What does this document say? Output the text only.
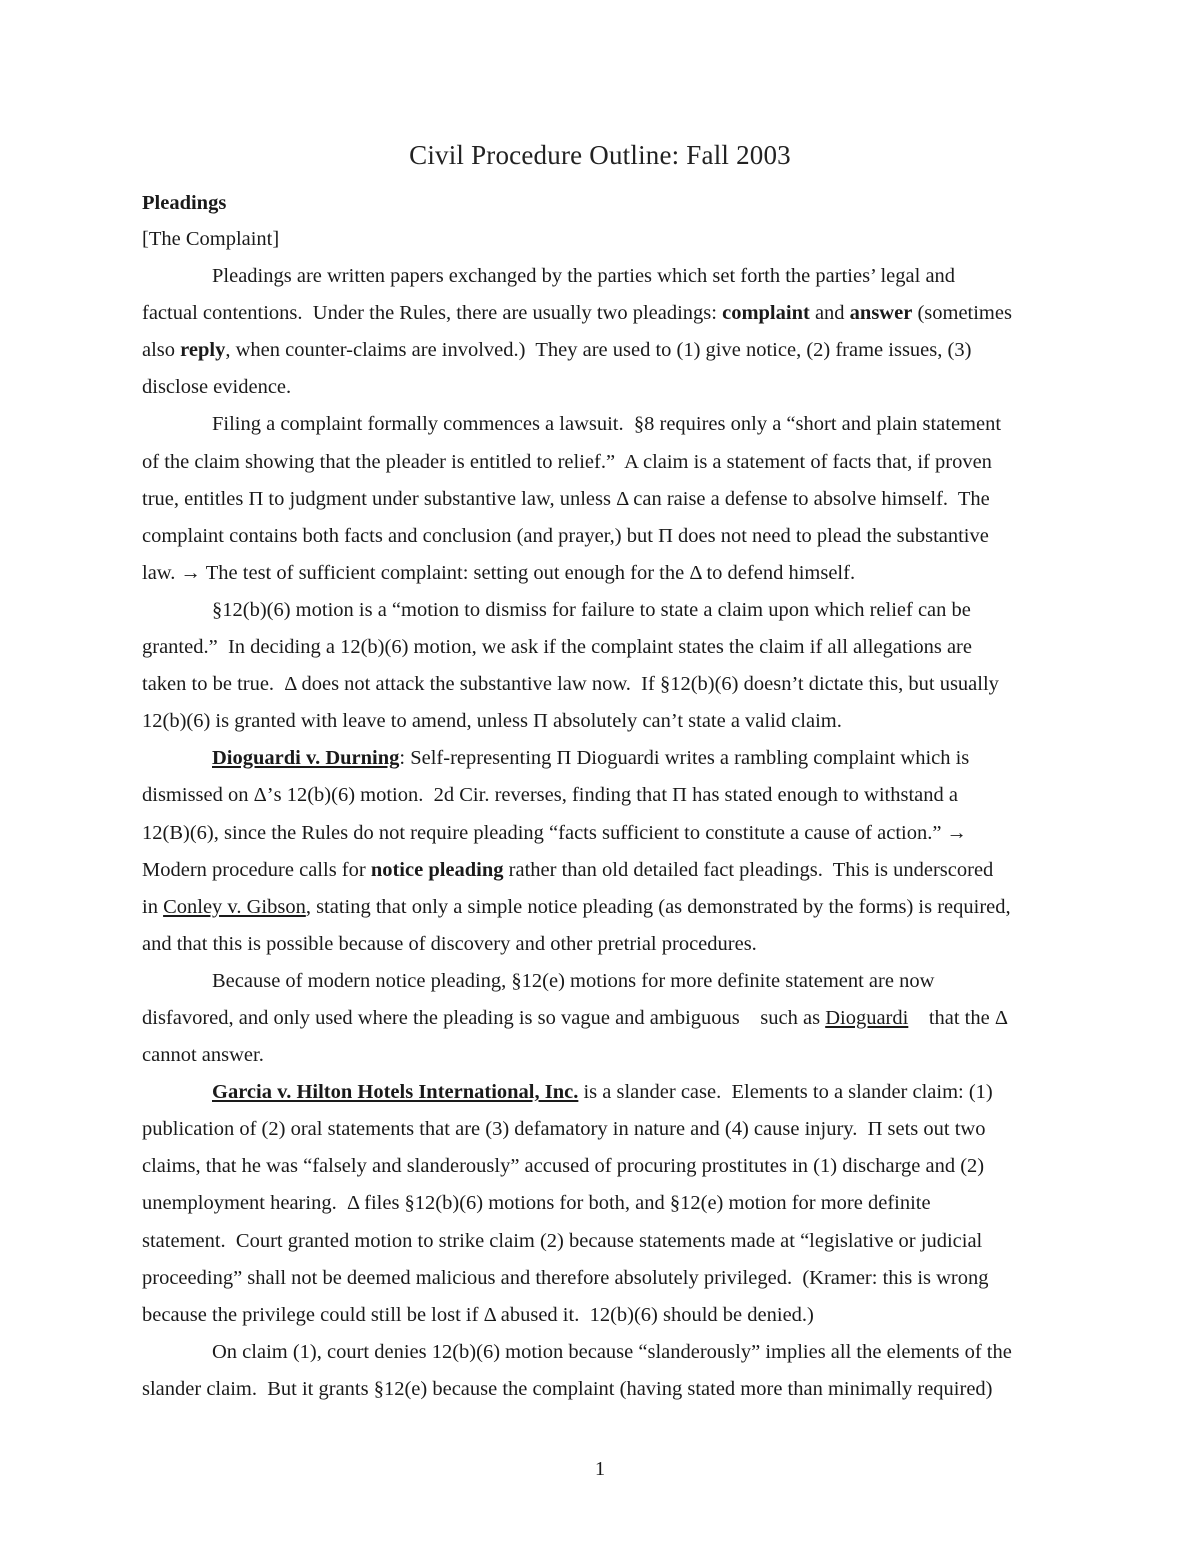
Civil Procedure Outline: Fall 2003
Pleadings
[The Complaint]
Pleadings are written papers exchanged by the parties which set forth the parties’ legal and
factual contentions.  Under the Rules, there are usually two pleadings: complaint and answer (sometimes
also reply, when counter-claims are involved.)  They are used to (1) give notice, (2) frame issues, (3)
disclose evidence.
Filing a complaint formally commences a lawsuit.  §8 requires only a “short and plain statement
of the claim showing that the pleader is entitled to relief.”  A claim is a statement of facts that, if proven
true, entitles Π to judgment under substantive law, unless Δ can raise a defense to absolve himself.  The
complaint contains both facts and conclusion (and prayer,) but Π does not need to plead the substantive
law. → The test of sufficient complaint: setting out enough for the Δ to defend himself.
§12(b)(6) motion is a “motion to dismiss for failure to state a claim upon which relief can be
granted.”  In deciding a 12(b)(6) motion, we ask if the complaint states the claim if all allegations are
taken to be true.  Δ does not attack the substantive law now.  If §12(b)(6) doesn’t dictate this, but usually
12(b)(6) is granted with leave to amend, unless Π absolutely can’t state a valid claim.
Dioguardi v. Durning: Self-representing Π Dioguardi writes a rambling complaint which is
dismissed on Δ’s 12(b)(6) motion.  2d Cir. reverses, finding that Π has stated enough to withstand a
12(B)(6), since the Rules do not require pleading “facts sufficient to constitute a cause of action.” →
Modern procedure calls for notice pleading rather than old detailed fact pleadings.  This is underscored
in Conley v. Gibson, stating that only a simple notice pleading (as demonstrated by the forms) is required,
and that this is possible because of discovery and other pretrial procedures.
Because of modern notice pleading, §12(e) motions for more definite statement are now
disfavored, and only used where the pleading is so vague and ambiguous    such as Dioguardi    that the Δ
cannot answer.
Garcia v. Hilton Hotels International, Inc. is a slander case.  Elements to a slander claim: (1)
publication of (2) oral statements that are (3) defamatory in nature and (4) cause injury.  Π sets out two
claims, that he was “falsely and slanderously” accused of procuring prostitutes in (1) discharge and (2)
unemployment hearing.  Δ files §12(b)(6) motions for both, and §12(e) motion for more definite
statement.  Court granted motion to strike claim (2) because statements made at “legislative or judicial
proceeding” shall not be deemed malicious and therefore absolutely privileged.  (Kramer: this is wrong
because the privilege could still be lost if Δ abused it.  12(b)(6) should be denied.)
On claim (1), court denies 12(b)(6) motion because “slanderously” implies all the elements of the
slander claim.  But it grants §12(e) because the complaint (having stated more than minimally required)
1
